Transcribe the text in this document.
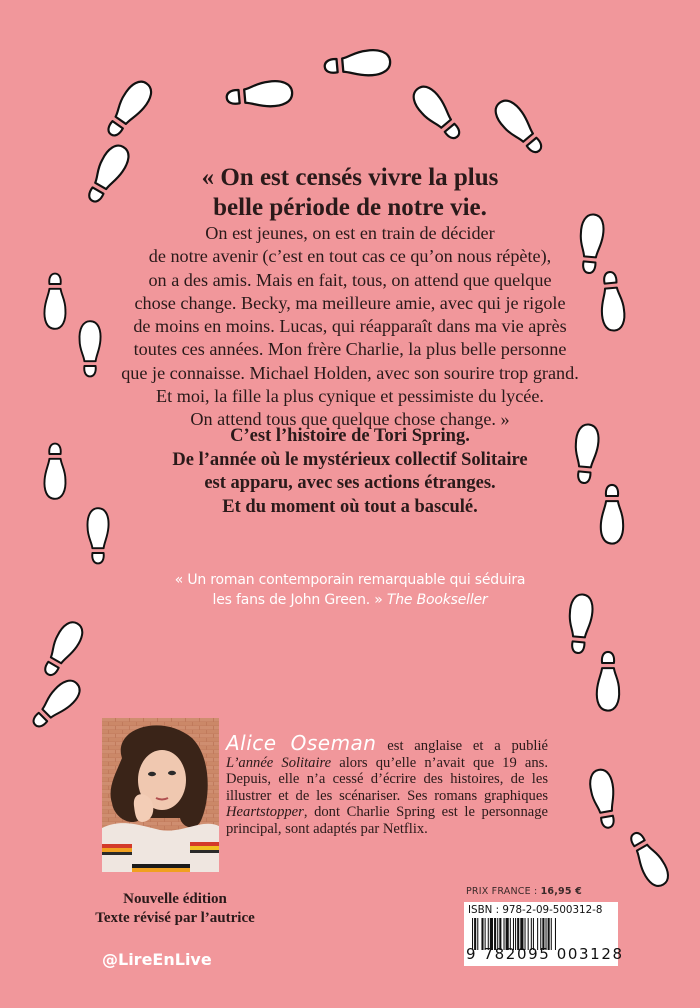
« On est censés vivre la plus
belle période de notre vie.
On est jeunes, on est en train de décider
de notre avenir (c’est en tout cas ce qu’on nous répète),
on a des amis. Mais en fait, tous, on attend que quelque
chose change. Becky, ma meilleure amie, avec qui je rigole
de moins en moins. Lucas, qui réapparaît dans ma vie après
toutes ces années. Mon frère Charlie, la plus belle personne
que je connaisse. Michael Holden, avec son sourire trop grand.
Et moi, la fille la plus cynique et pessimiste du lycée.
On attend tous que quelque chose change. »
C’est l’histoire de Tori Spring.
De l’année où le mystérieux collectif Solitaire
est apparu, avec ses actions étranges.
Et du moment où tout a basculé.
« Un roman contemporain remarquable qui séduira
les fans de John Green. » The Bookseller
Alice Oseman est anglaise et a publié L’année Solitaire alors qu’elle n’avait que 19 ans. Depuis, elle n’a cessé d’écrire des histoires, de les illustrer et de les scénariser. Ses romans graphiques Heartstopper, dont Charlie Spring est le personnage principal, sont adaptés par Netflix.
Nouvelle édition
Texte révisé par l’autrice
@LireEnLive
PRIX FRANCE : 16,95 €
ISBN : 978-2-09-500312-8
9 782095 003128
